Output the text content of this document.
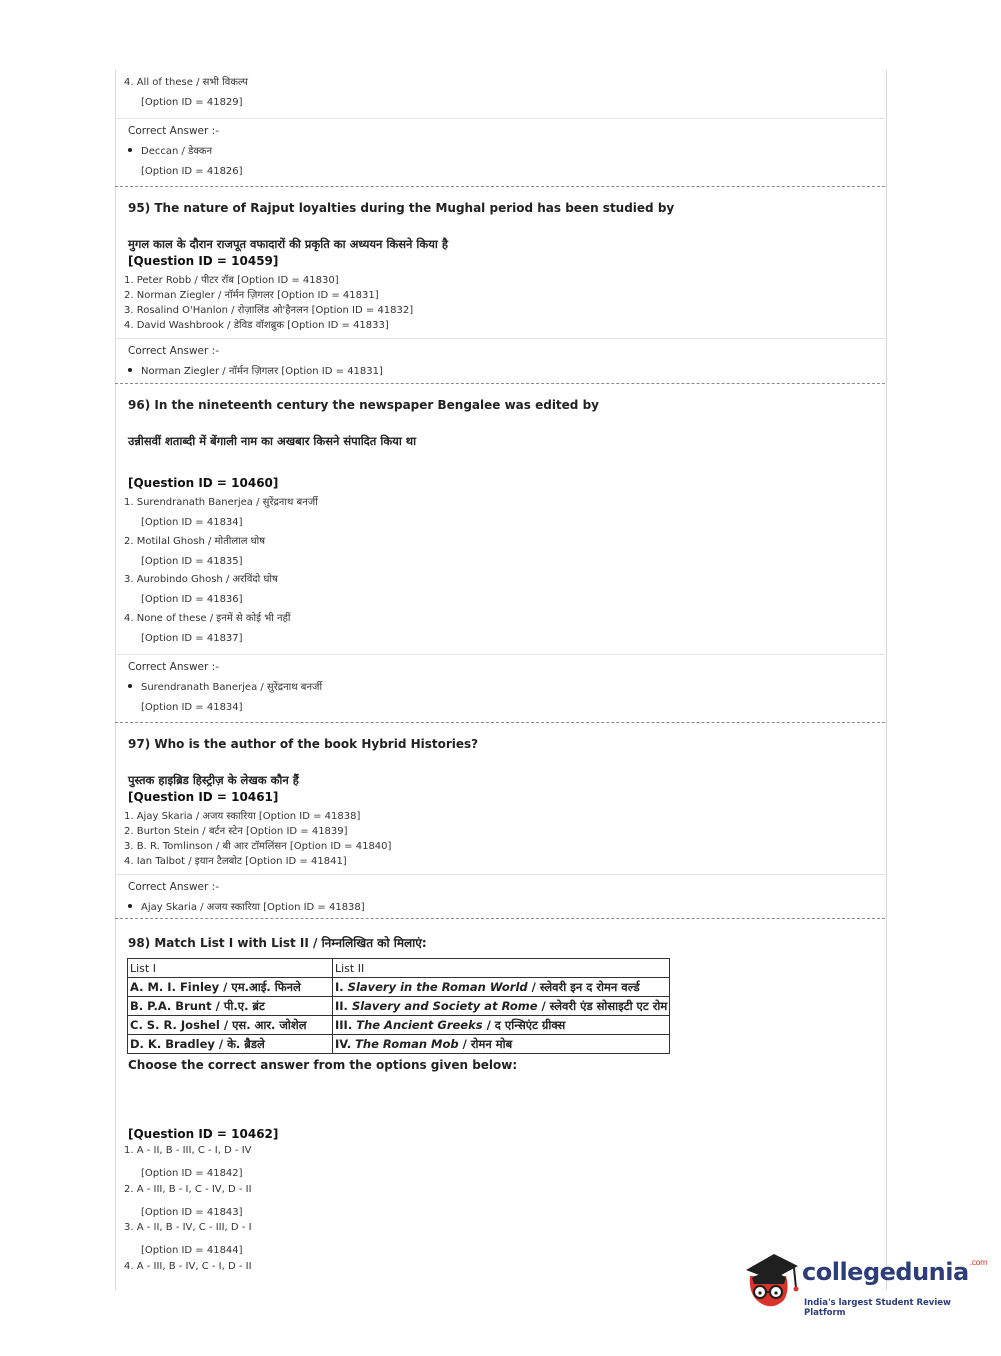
4. All of these / सभी विकल्प
[Option ID = 41829]
Correct Answer :-
Deccan / डेक्कन
[Option ID = 41826]
95) The nature of Rajput loyalties during the Mughal period has been studied by
मुगल काल के दौरान राजपूत वफादारों की प्रकृति का अध्ययन किसने किया है
[Question ID = 10459]
1. Peter Robb / पीटर रॉब [Option ID = 41830]
2. Norman Ziegler / नॉर्मन ज़िगलर [Option ID = 41831]
3. Rosalind O'Hanlon / रोज़ालिंड ओ'हैनलन [Option ID = 41832]
4. David Washbrook / डेविड वॉशब्रुक [Option ID = 41833]
Correct Answer :-
Norman Ziegler / नॉर्मन ज़िगलर [Option ID = 41831]
96) In the nineteenth century the newspaper Bengalee was edited by
उन्नीसवीं शताब्दी में बेंगाली नाम का अखबार किसने संपादित किया था
[Question ID = 10460]
1. Surendranath Banerjea / सुरेंद्रनाथ बनर्जी
[Option ID = 41834]
2. Motilal Ghosh / मोतीलाल घोष
[Option ID = 41835]
3. Aurobindo Ghosh / अरविंदो घोष
[Option ID = 41836]
4. None of these / इनमें से कोई भी नहीं
[Option ID = 41837]
Correct Answer :-
Surendranath Banerjea / सुरेंद्रनाथ बनर्जी
[Option ID = 41834]
97) Who is the author of the book Hybrid Histories?
पुस्तक हाइब्रिड हिस्ट्रीज़ के लेखक कौन हैं
[Question ID = 10461]
1. Ajay Skaria / अजय स्कारिया [Option ID = 41838]
2. Burton Stein / बर्टन स्टेन [Option ID = 41839]
3. B. R. Tomlinson / बी आर टॉमलिंसन [Option ID = 41840]
4. Ian Talbot / इयान टैलबोट [Option ID = 41841]
Correct Answer :-
Ajay Skaria / अजय स्कारिया [Option ID = 41838]
98) Match List I with List II / निम्नलिखित को मिलाएं:
List I	List II
A. M. I. Finley / एम.आई. फिनले	I. Slavery in the Roman World / स्लेवरी इन द रोमन वर्ल्ड
B. P.A. Brunt / पी.ए. ब्रंट	II. Slavery and Society at Rome / स्लेवरी एंड सोसाइटी एट रोम
C. S. R. Joshel / एस. आर. जोशेल	III. The Ancient Greeks / द एन्सिएंट ग्रीक्स
D. K. Bradley / के. ब्रैडले	IV. The Roman Mob / रोमन मोब
Choose the correct answer from the options given below:
[Question ID = 10462]
1. A - II, B - III, C - I, D - IV
[Option ID = 41842]
2. A - III, B - I, C - IV, D - II
[Option ID = 41843]
3. A - II, B - IV, C - III, D - I
[Option ID = 41844]
4. A - III, B - IV, C - I, D - II	collegedunia$^{.com}$
India's largest Student Review Platform
